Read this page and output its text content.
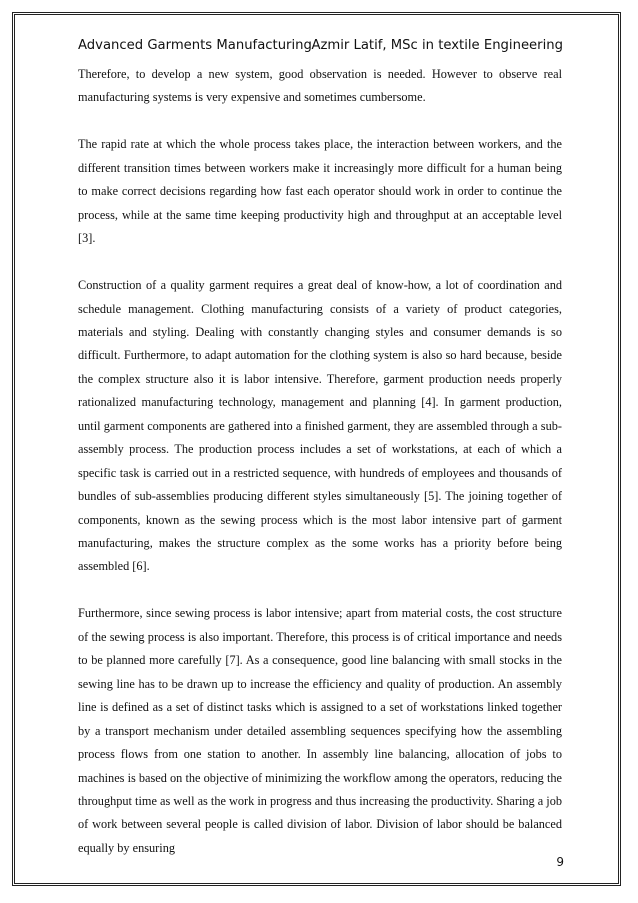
Advanced Garments Manufacturing Azmir Latif, MSc in textile Engineering

Therefore, to develop a new system, good observation is needed. However to observe real manufacturing systems is very expensive and sometimes cumbersome.

The rapid rate at which the whole process takes place, the interaction between workers, and the different transition times between workers make it increasingly more difficult for a human being to make correct decisions regarding how fast each operator should work in order to continue the process, while at the same time keeping productivity high and throughput at an acceptable level [3].

Construction of a quality garment requires a great deal of know-how, a lot of coordination and schedule management. Clothing manufacturing consists of a variety of product categories, materials and styling. Dealing with constantly changing styles and consumer demands is so difficult. Furthermore, to adapt automation for the clothing system is also so hard because, beside the complex structure also it is labor intensive. Therefore, garment production needs properly rationalized manufacturing technology, management and planning [4]. In garment production, until garment components are gathered into a finished garment, they are assembled through a sub-assembly process. The production process includes a set of workstations, at each of which a specific task is carried out in a restricted sequence, with hundreds of employees and thousands of bundles of sub-assemblies producing different styles simultaneously [5]. The joining together of components, known as the sewing process which is the most labor intensive part of garment manufacturing, makes the structure complex as the some works has a priority before being assembled [6].

Furthermore, since sewing process is labor intensive; apart from material costs, the cost structure of the sewing process is also important. Therefore, this process is of critical importance and needs to be planned more carefully [7]. As a consequence, good line balancing with small stocks in the sewing line has to be drawn up to increase the efficiency and quality of production. An assembly line is defined as a set of distinct tasks which is assigned to a set of workstations linked together by a transport mechanism under detailed assembling sequences specifying how the assembling process flows from one station to another. In assembly line balancing, allocation of jobs to machines is based on the objective of minimizing the workflow among the operators, reducing the throughput time as well as the work in progress and thus increasing the productivity. Sharing a job of work between several people is called division of labor. Division of labor should be balanced equally by ensuring

9
